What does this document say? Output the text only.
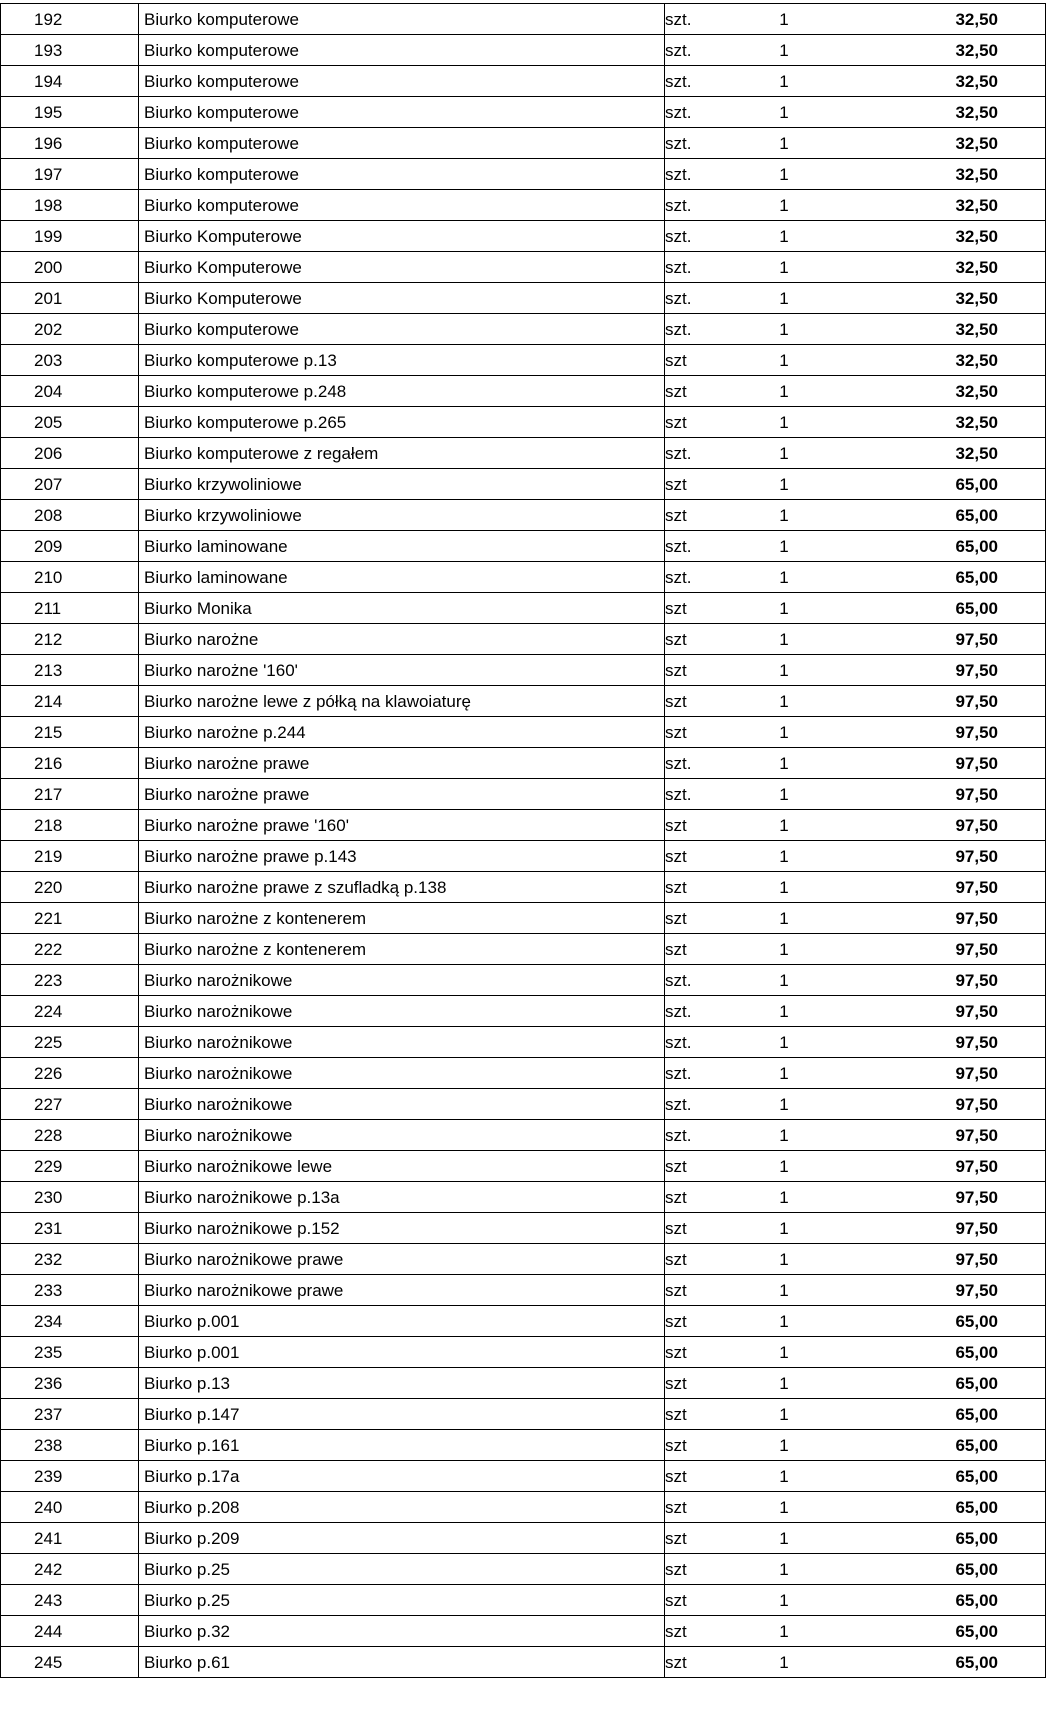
192	Biurko komputerowe	szt.	1	32,50
193	Biurko komputerowe	szt.	1	32,50
194	Biurko komputerowe	szt.	1	32,50
195	Biurko komputerowe	szt.	1	32,50
196	Biurko komputerowe	szt.	1	32,50
197	Biurko komputerowe	szt.	1	32,50
198	Biurko komputerowe	szt.	1	32,50
199	Biurko Komputerowe	szt.	1	32,50
200	Biurko Komputerowe	szt.	1	32,50
201	Biurko Komputerowe	szt.	1	32,50
202	Biurko komputerowe	szt.	1	32,50
203	Biurko komputerowe p.13	szt	1	32,50
204	Biurko komputerowe p.248	szt	1	32,50
205	Biurko komputerowe p.265	szt	1	32,50
206	Biurko komputerowe z regałem	szt.	1	32,50
207	Biurko krzywoliniowe	szt	1	65,00
208	Biurko krzywoliniowe	szt	1	65,00
209	Biurko laminowane	szt.	1	65,00
210	Biurko laminowane	szt.	1	65,00
211	Biurko Monika	szt	1	65,00
212	Biurko narożne	szt	1	97,50
213	Biurko narożne '160'	szt	1	97,50
214	Biurko narożne lewe z półką na klawoiaturę	szt	1	97,50
215	Biurko narożne p.244	szt	1	97,50
216	Biurko narożne prawe	szt.	1	97,50
217	Biurko narożne prawe	szt.	1	97,50
218	Biurko narożne prawe '160'	szt	1	97,50
219	Biurko narożne prawe p.143	szt	1	97,50
220	Biurko narożne prawe z szufladką p.138	szt	1	97,50
221	Biurko narożne z kontenerem	szt	1	97,50
222	Biurko narożne z kontenerem	szt	1	97,50
223	Biurko narożnikowe	szt.	1	97,50
224	Biurko narożnikowe	szt.	1	97,50
225	Biurko narożnikowe	szt.	1	97,50
226	Biurko narożnikowe	szt.	1	97,50
227	Biurko narożnikowe	szt.	1	97,50
228	Biurko narożnikowe	szt.	1	97,50
229	Biurko narożnikowe lewe	szt	1	97,50
230	Biurko narożnikowe p.13a	szt	1	97,50
231	Biurko narożnikowe p.152	szt	1	97,50
232	Biurko narożnikowe prawe	szt	1	97,50
233	Biurko narożnikowe prawe	szt	1	97,50
234	Biurko p.001	szt	1	65,00
235	Biurko p.001	szt	1	65,00
236	Biurko p.13	szt	1	65,00
237	Biurko p.147	szt	1	65,00
238	Biurko p.161	szt	1	65,00
239	Biurko p.17a	szt	1	65,00
240	Biurko p.208	szt	1	65,00
241	Biurko p.209	szt	1	65,00
242	Biurko p.25	szt	1	65,00
243	Biurko p.25	szt	1	65,00
244	Biurko p.32	szt	1	65,00
245	Biurko p.61	szt	1	65,00
